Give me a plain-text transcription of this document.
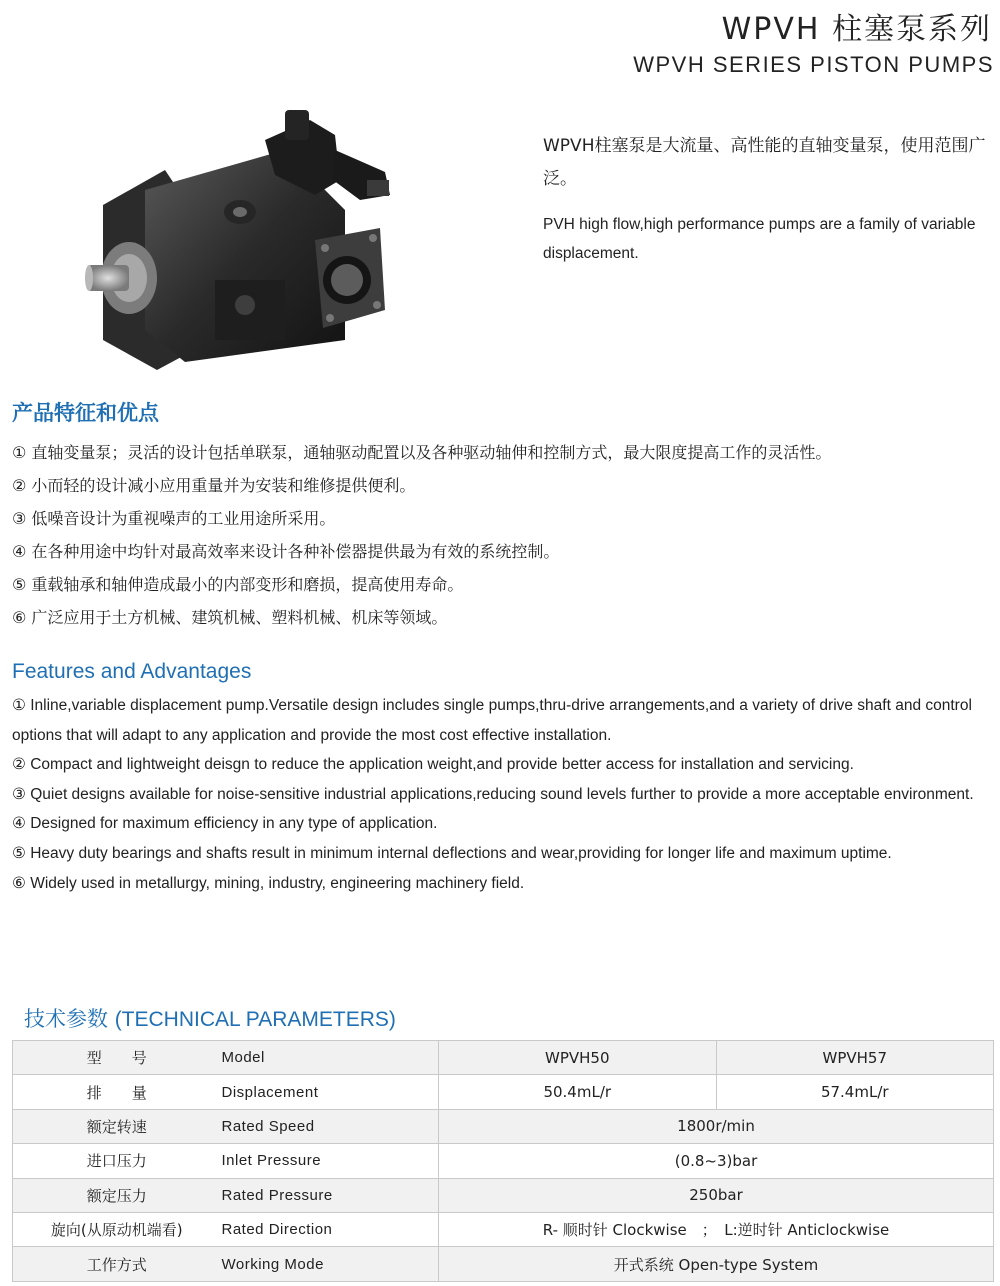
WPVH 柱塞泵系列
WPVH SERIES PISTON PUMPS

WPVH柱塞泵是大流量、高性能的直轴变量泵，使用范围广泛。

PVH high flow,high performance pumps are a family of variable displacement.

产品特征和优点
① 直轴变量泵；灵活的设计包括单联泵，通轴驱动配置以及各种驱动轴伸和控制方式，最大限度提高工作的灵活性。
② 小而轻的设计减小应用重量并为安装和维修提供便利。
③ 低噪音设计为重视噪声的工业用途所采用。
④ 在各种用途中均针对最高效率来设计各种补偿器提供最为有效的系统控制。
⑤ 重载轴承和轴伸造成最小的内部变形和磨损，提高使用寿命。
⑥ 广泛应用于土方机械、建筑机械、塑料机械、机床等领域。
Features and Advantages
① Inline,variable displacement pump.Versatile design includes single pumps,thru-drive arrangements,and a variety of drive shaft and control options that will adapt to any application and provide the most cost effective installation.
② Compact and lightweight deisgn to reduce the application weight,and provide better access for installation and servicing.
③ Quiet designs available for noise-sensitive industrial applications,reducing sound levels further to provide a more acceptable environment.
④ Designed for maximum efficiency in any type of application.
⑤ Heavy duty bearings and shafts result in minimum internal deflections and wear,providing for longer life and maximum uptime.
⑥ Widely used in metallurgy, mining, industry, engineering machinery field.
技术参数 (TECHNICAL PARAMETERS)
型　　号	Model	WPVH50	WPVH57
排　　量	Displacement	50.4mL/r	57.4mL/r
额定转速	Rated Speed	1800r/min	
进口压力	Inlet Pressure	(0.8~3)bar	
额定压力	Rated Pressure	250bar	
旋向(从原动机端看)	Rated Direction	R- 顺时针 Clockwise　；　L:逆时针 Anticlockwise	
工作方式	Working Mode	开式系统 Open-type System	
